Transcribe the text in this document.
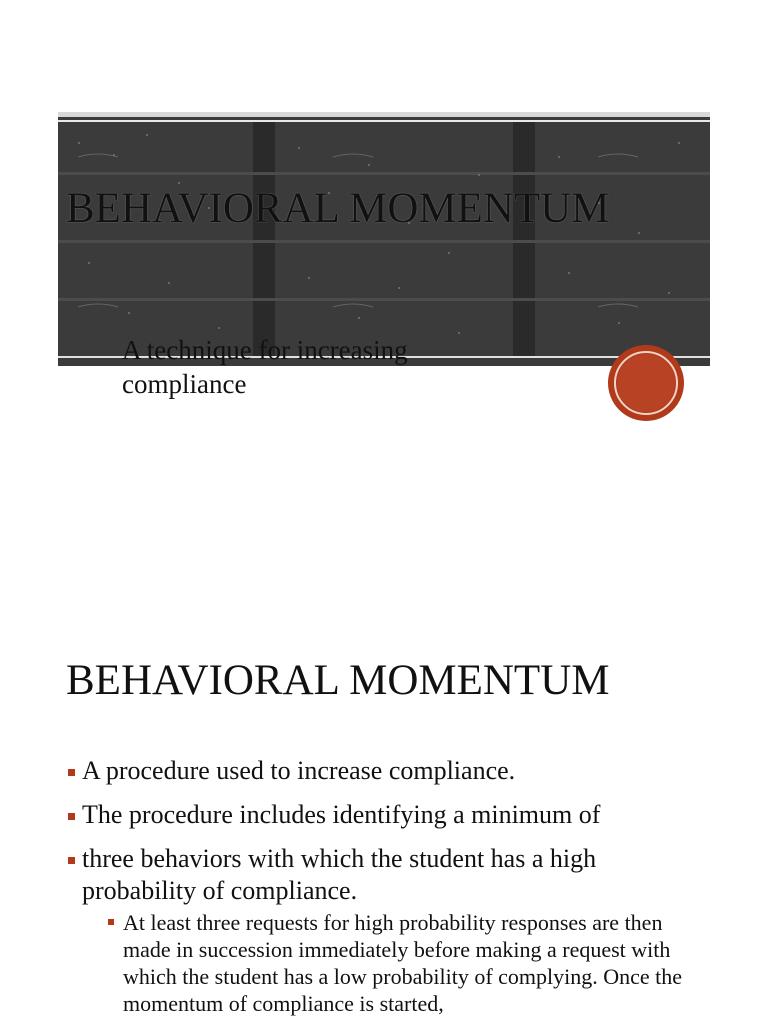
BEHAVIORAL MOMENTUM
A technique for increasing compliance
BEHAVIORAL MOMENTUM
A procedure used to increase compliance.
The procedure includes identifying a minimum of
three behaviors with which the student has a high probability of compliance.
At least three requests for high probability responses are then made in succession immediately before making a request with which the student has a low probability of complying. Once the momentum of compliance is started,
